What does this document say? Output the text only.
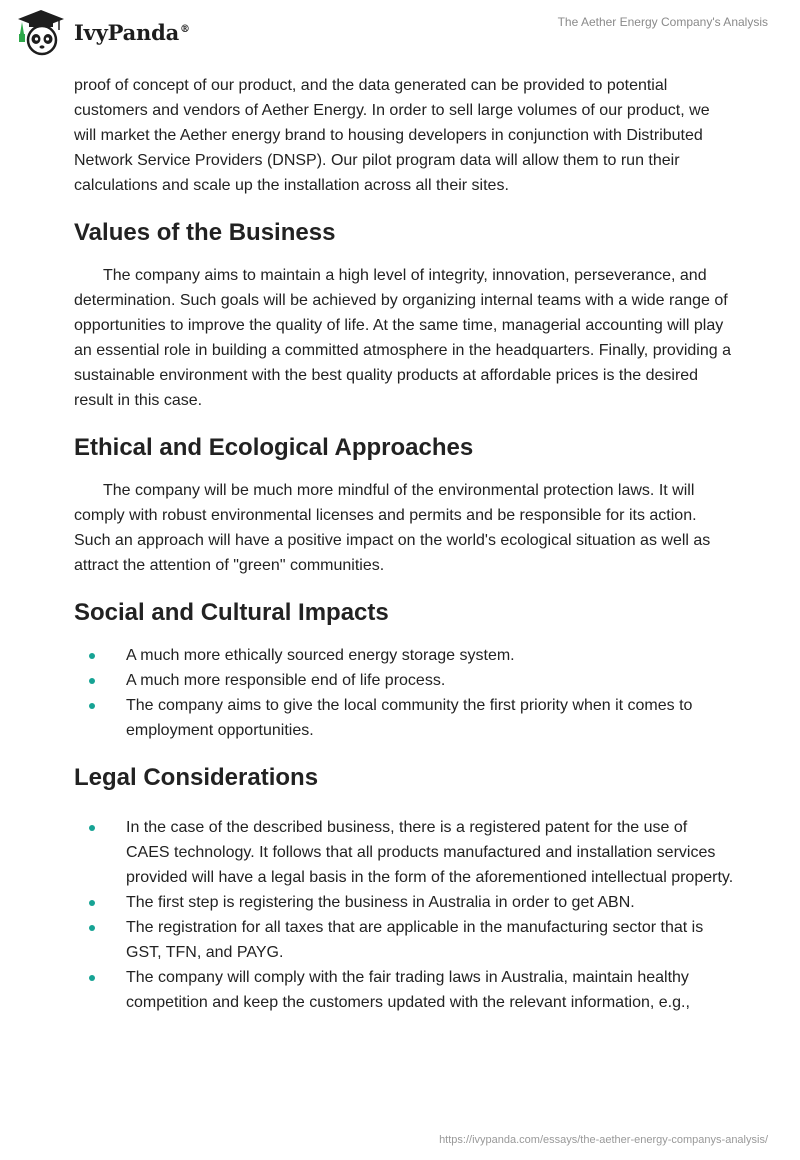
IvyPanda®	The Aether Energy Company's Analysis

proof of concept of our product, and the data generated can be provided to potential customers and vendors of Aether Energy. In order to sell large volumes of our product, we will market the Aether energy brand to housing developers in conjunction with Distributed Network Service Providers (DNSP). Our pilot program data will allow them to run their calculations and scale up the installation across all their sites.

Values of the Business

The company aims to maintain a high level of integrity, innovation, perseverance, and determination. Such goals will be achieved by organizing internal teams with a wide range of opportunities to improve the quality of life. At the same time, managerial accounting will play an essential role in building a committed atmosphere in the headquarters. Finally, providing a sustainable environment with the best quality products at affordable prices is the desired result in this case.

Ethical and Ecological Approaches

The company will be much more mindful of the environmental protection laws. It will comply with robust environmental licenses and permits and be responsible for its action. Such an approach will have a positive impact on the world's ecological situation as well as attract the attention of "green" communities.

Social and Cultural Impacts
A much more ethically sourced energy storage system.
A much more responsible end of life process.
The company aims to give the local community the first priority when it comes to employment opportunities.
Legal Considerations
In the case of the described business, there is a registered patent for the use of CAES technology. It follows that all products manufactured and installation services provided will have a legal basis in the form of the aforementioned intellectual property.
The first step is registering the business in Australia in order to get ABN.
The registration for all taxes that are applicable in the manufacturing sector that is GST, TFN, and PAYG.
The company will comply with the fair trading laws in Australia, maintain healthy competition and keep the customers updated with the relevant information, e.g.,
https://ivypanda.com/essays/the-aether-energy-companys-analysis/
